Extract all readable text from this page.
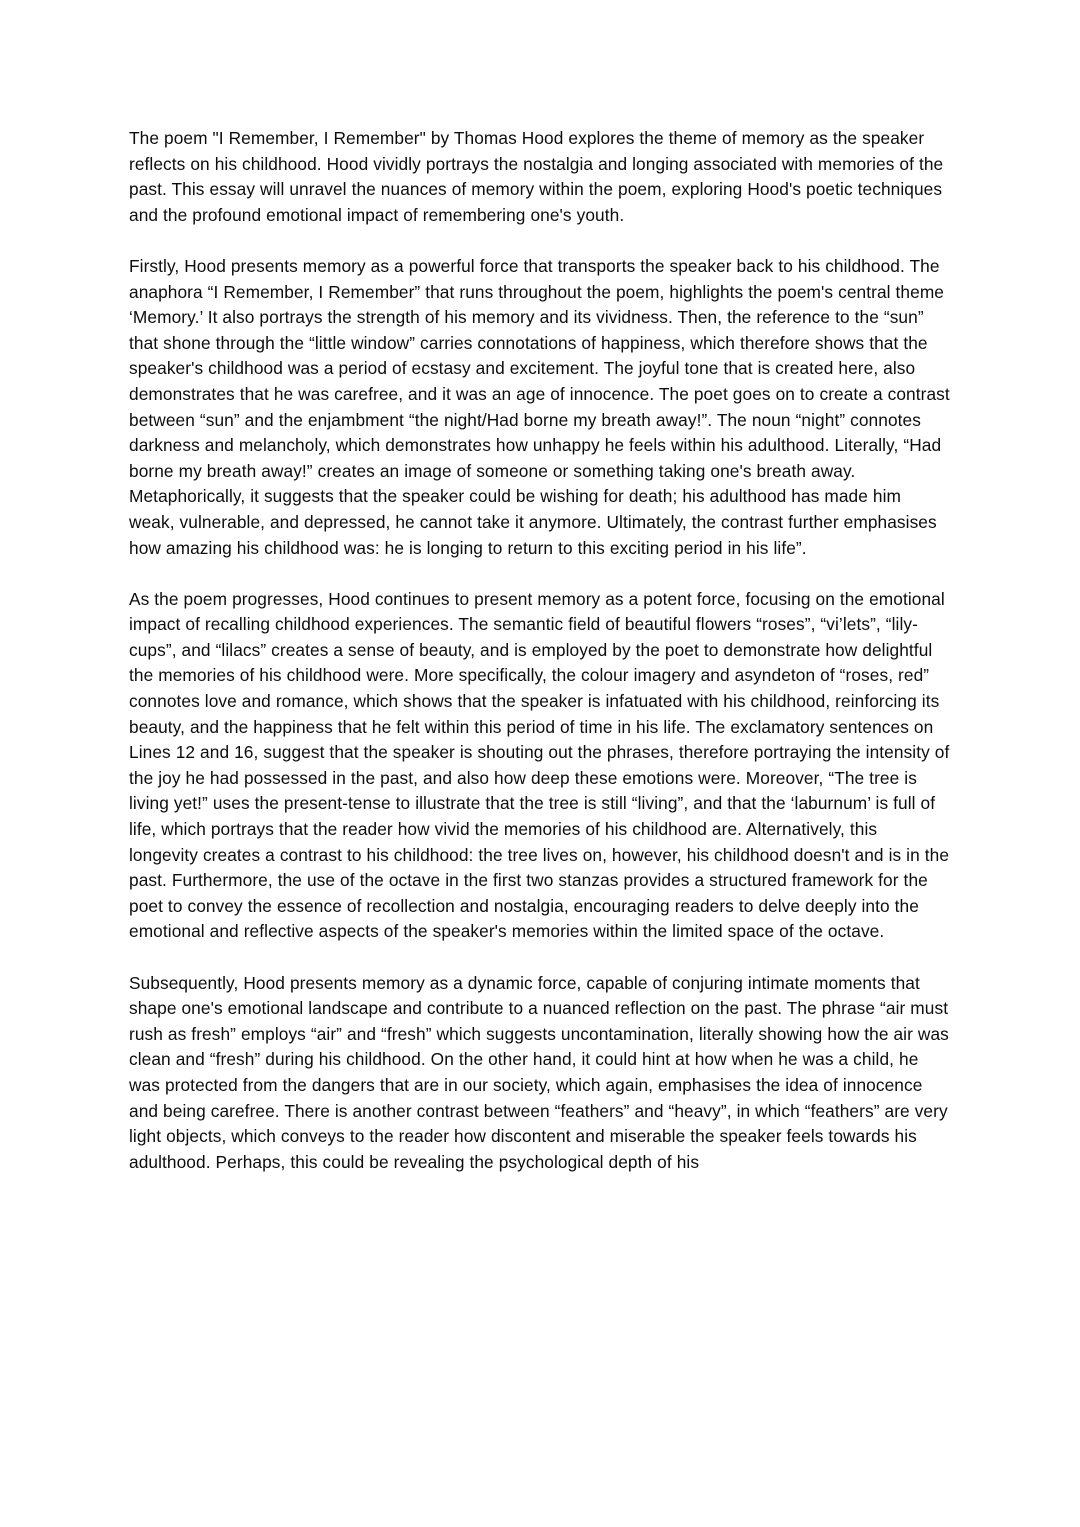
The poem "I Remember, I Remember" by Thomas Hood explores the theme of memory as the speaker reflects on his childhood. Hood vividly portrays the nostalgia and longing associated with memories of the past. This essay will unravel the nuances of memory within the poem, exploring Hood's poetic techniques and the profound emotional impact of remembering one's youth.

Firstly, Hood presents memory as a powerful force that transports the speaker back to his childhood. The anaphora “I Remember, I Remember” that runs throughout the poem, highlights the poem's central theme ‘Memory.’ It also portrays the strength of his memory and its vividness. Then, the reference to the “sun” that shone through the “little window” carries connotations of happiness, which therefore shows that the speaker's childhood was a period of ecstasy and excitement. The joyful tone that is created here, also demonstrates that he was carefree, and it was an age of innocence. The poet goes on to create a contrast between “sun” and the enjambment “the night/Had borne my breath away!”. The noun “night” connotes darkness and melancholy, which demonstrates how unhappy he feels within his adulthood. Literally, “Had borne my breath away!” creates an image of someone or something taking one's breath away. Metaphorically, it suggests that the speaker could be wishing for death; his adulthood has made him weak, vulnerable, and depressed, he cannot take it anymore. Ultimately, the contrast further emphasises how amazing his childhood was: he is longing to return to this exciting period in his life”.

As the poem progresses, Hood continues to present memory as a potent force, focusing on the emotional impact of recalling childhood experiences. The semantic field of beautiful flowers “roses”, “vi’lets”, “lily-cups”, and “lilacs” creates a sense of beauty, and is employed by the poet to demonstrate how delightful the memories of his childhood were. More specifically, the colour imagery and asyndeton of “roses, red” connotes love and romance, which shows that the speaker is infatuated with his childhood, reinforcing its beauty, and the happiness that he felt within this period of time in his life. The exclamatory sentences on Lines 12 and 16, suggest that the speaker is shouting out the phrases, therefore portraying the intensity of the joy he had possessed in the past, and also how deep these emotions were. Moreover, “The tree is living yet!” uses the present-tense to illustrate that the tree is still “living”, and that the ‘laburnum’ is full of life, which portrays that the reader how vivid the memories of his childhood are. Alternatively, this longevity creates a contrast to his childhood: the tree lives on, however, his childhood doesn't and is in the past. Furthermore, the use of the octave in the first two stanzas provides a structured framework for the poet to convey the essence of recollection and nostalgia, encouraging readers to delve deeply into the emotional and reflective aspects of the speaker's memories within the limited space of the octave.

Subsequently, Hood presents memory as a dynamic force, capable of conjuring intimate moments that shape one's emotional landscape and contribute to a nuanced reflection on the past. The phrase “air must rush as fresh” employs “air” and “fresh” which suggests uncontamination, literally showing how the air was clean and “fresh” during his childhood. On the other hand, it could hint at how when he was a child, he was protected from the dangers that are in our society, which again, emphasises the idea of innocence and being carefree. There is another contrast between “feathers” and “heavy”, in which “feathers” are very light objects, which conveys to the reader how discontent and miserable the speaker feels towards his adulthood. Perhaps, this could be revealing the psychological depth of his
